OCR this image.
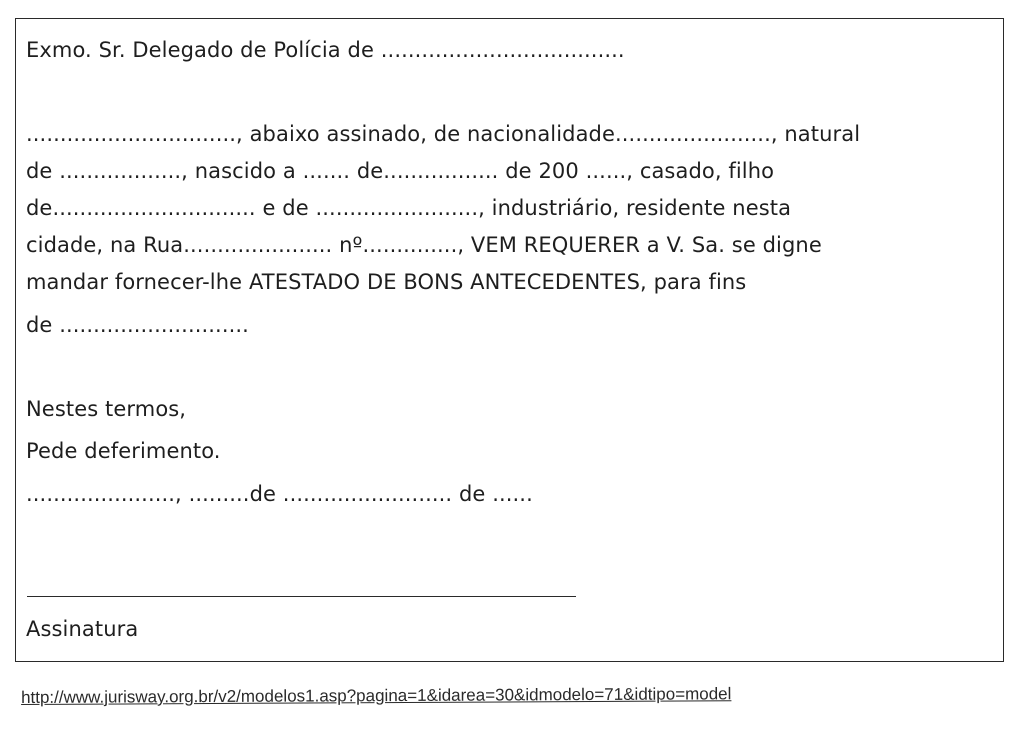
Exmo. Sr. Delegado de Polícia de ....................................
..............................., abaixo assinado, de nacionalidade......................., natural
de .................., nascido a ....... de................. de 200 ......, casado, filho
de.............................. e de ........................, industriário, residente nesta
cidade, na Rua...................... nº.............., VEM REQUERER a V. Sa. se digne
mandar fornecer-lhe ATESTADO DE BONS ANTECEDENTES, para fins
de ............................
Nestes termos,
Pede deferimento.
......................, .........de ......................... de ......
Assinatura
http://www.jurisway.org.br/v2/modelos1.asp?pagina=1&idarea=30&idmodelo=71&idtipo=model
